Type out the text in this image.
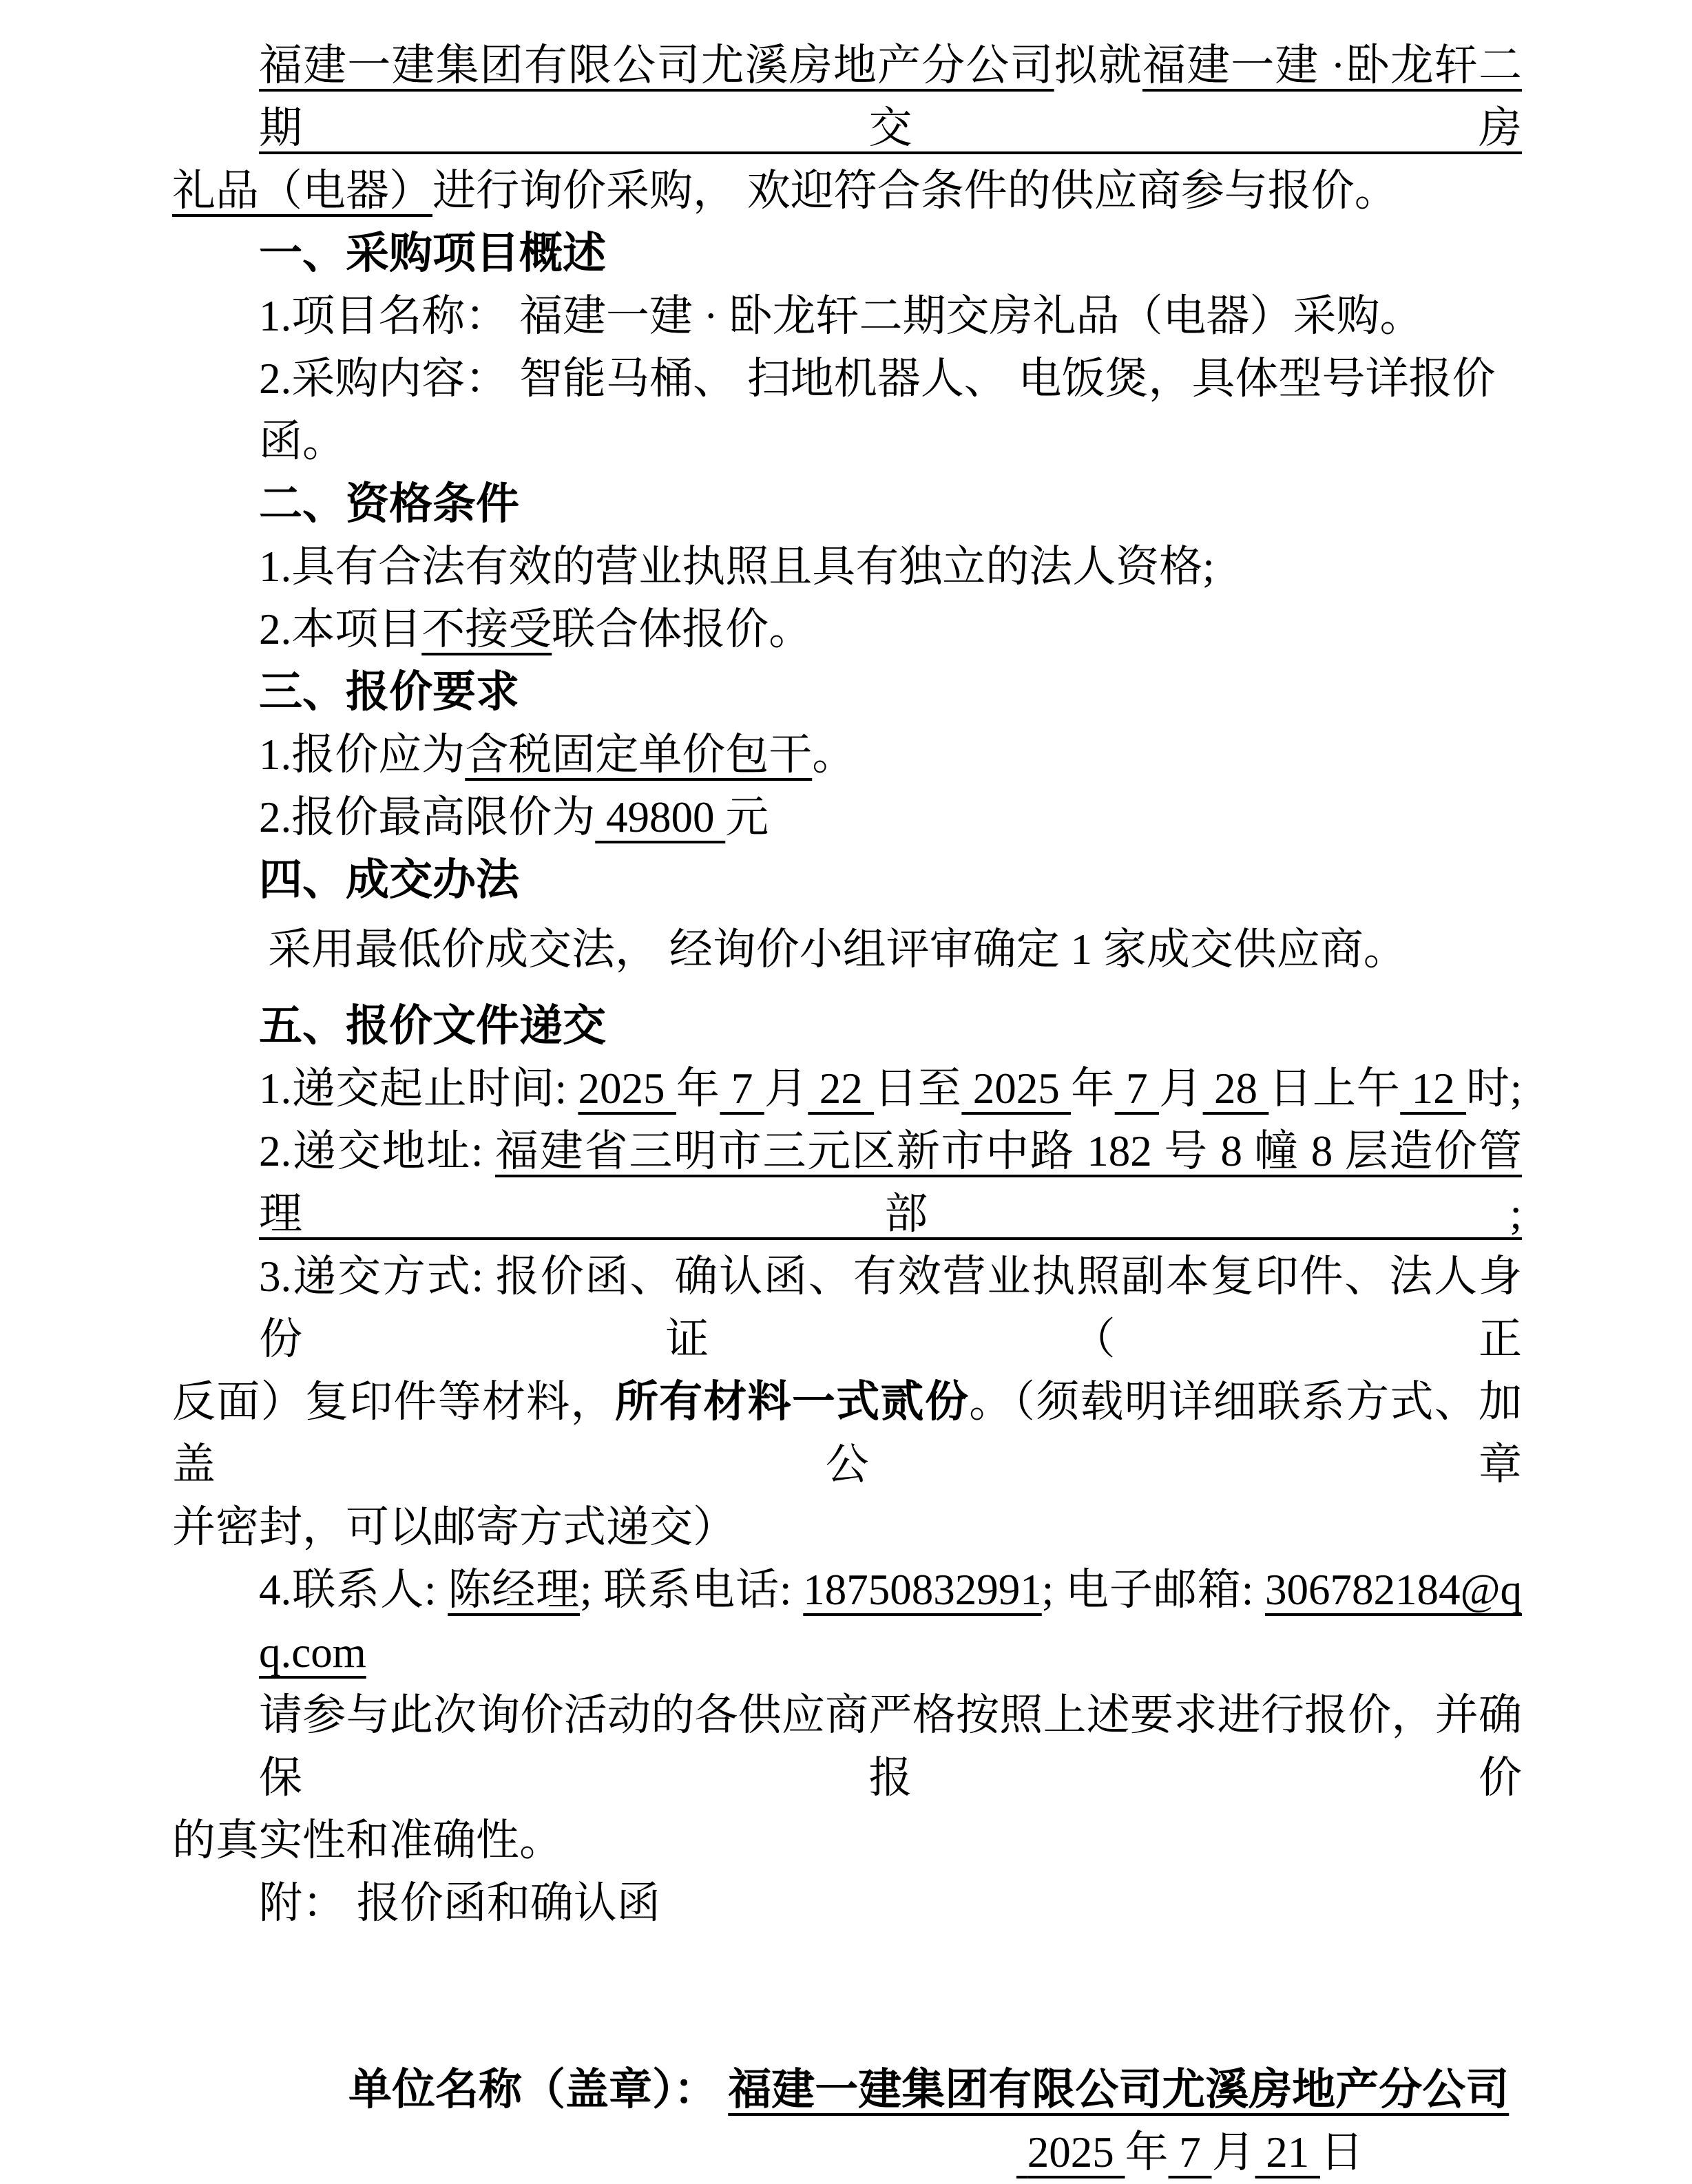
福建一建集团有限公司尤溪房地产分公司拟就福建一建 ·卧龙轩二期交房
礼品（电器）进行询价采购， 欢迎符合条件的供应商参与报价。
一、采购项目概述
1.项目名称： 福建一建 · 卧龙轩二期交房礼品（电器）采购。
2.采购内容： 智能马桶、 扫地机器人、 电饭煲，具体型号详报价函。
二、资格条件
1.具有合法有效的营业执照且具有独立的法人资格;
2.本项目不接受联合体报价。
三、报价要求
1.报价应为含税固定单价包干。
2.报价最高限价为 49800 元
四、成交办法
采用最低价成交法， 经询价小组评审确定 1 家成交供应商。
五、报价文件递交
1.递交起止时间: 2025 年 7 月 22 日至 2025 年 7 月 28 日上午 12 时;
2.递交地址: 福建省三明市三元区新市中路 182 号 8 幢 8 层造价管理部;
3.递交方式: 报价函、确认函、有效营业执照副本复印件、法人身份证（正
反面）复印件等材料，所有材料一式贰份。（须载明详细联系方式、加盖公章
并密封，可以邮寄方式递交）
4.联系人: 陈经理; 联系电话: 18750832991; 电子邮箱: 306782184@qq.com
请参与此次询价活动的各供应商严格按照上述要求进行报价，并确保报价
的真实性和准确性。
附： 报价函和确认函
单位名称（盖章）： 福建一建集团有限公司尤溪房地产分公司
2025 年 7 月 21 日
